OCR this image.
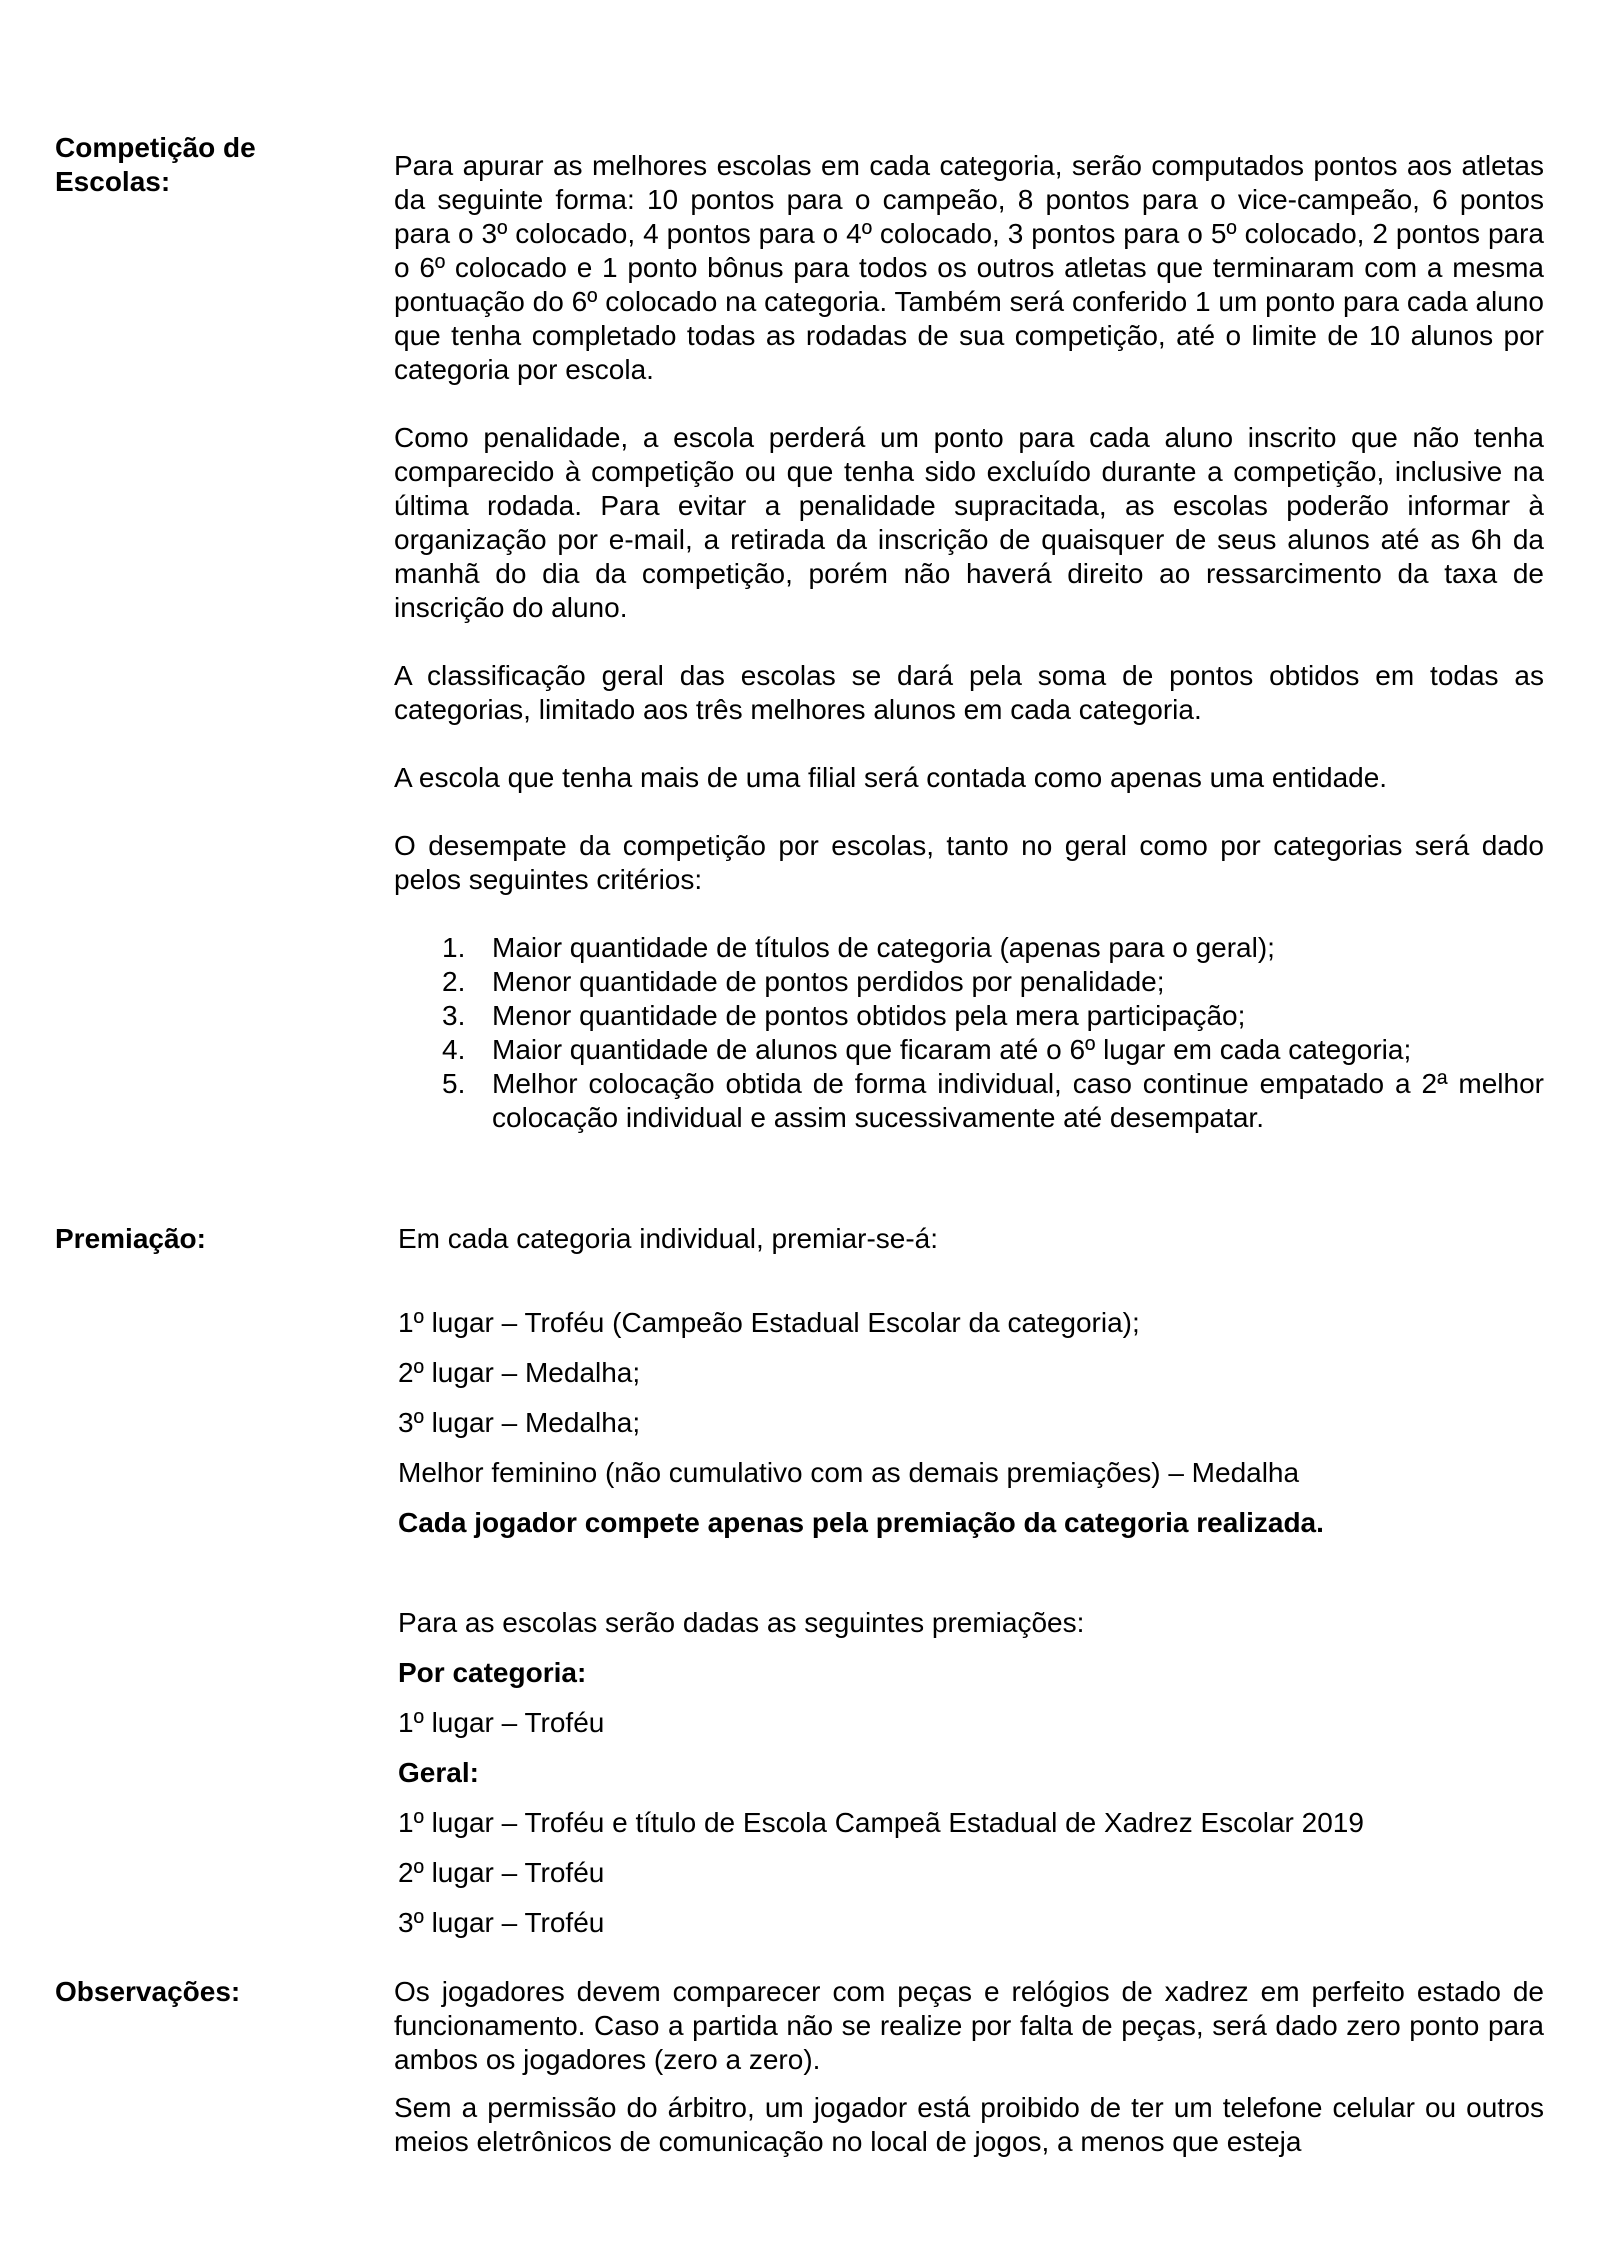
Competição de Escolas:

Para apurar as melhores escolas em cada categoria, serão computados pontos aos atletas da seguinte forma: 10 pontos para o campeão, 8 pontos para o vice-campeão, 6 pontos para o 3º colocado, 4 pontos para o 4º colocado, 3 pontos para o 5º colocado, 2 pontos para o 6º colocado e 1 ponto bônus para todos os outros atletas que terminaram com a mesma pontuação do 6º colocado na categoria. Também será conferido 1 um ponto para cada aluno que tenha completado todas as rodadas de sua competição, até o limite de 10 alunos por categoria por escola.

Como penalidade, a escola perderá um ponto para cada aluno inscrito que não tenha comparecido à competição ou que tenha sido excluído durante a competição, inclusive na última rodada. Para evitar a penalidade supracitada, as escolas poderão informar à organização por e-mail, a retirada da inscrição de quaisquer de seus alunos até as 6h da manhã do dia da competição, porém não haverá direito ao ressarcimento da taxa de inscrição do aluno.

A classificação geral das escolas se dará pela soma de pontos obtidos em todas as categorias, limitado aos três melhores alunos em cada categoria.

A escola que tenha mais de uma filial será contada como apenas uma entidade.

O desempate da competição por escolas, tanto no geral como por categorias será dado pelos seguintes critérios:

1. Maior quantidade de títulos de categoria (apenas para o geral);
2. Menor quantidade de pontos perdidos por penalidade;
3. Menor quantidade de pontos obtidos pela mera participação;
4. Maior quantidade de alunos que ficaram até o 6º lugar em cada categoria;
5. Melhor colocação obtida de forma individual, caso continue empatado a 2ª melhor colocação individual e assim sucessivamente até desempatar.
Premiação:	Em cada categoria individual, premiar-se-á:

1º lugar – Troféu (Campeão Estadual Escolar da categoria);

2º lugar – Medalha;

3º lugar – Medalha;

Melhor feminino (não cumulativo com as demais premiações) – Medalha

Cada jogador compete apenas pela premiação da categoria realizada.

Para as escolas serão dadas as seguintes premiações:

Por categoria:

1º lugar – Troféu

Geral:

1º lugar – Troféu e título de Escola Campeã Estadual de Xadrez Escolar 2019

2º lugar – Troféu

3º lugar – Troféu

Observações:	Os jogadores devem comparecer com peças e relógios de xadrez em perfeito estado de funcionamento. Caso a partida não se realize por falta de peças, será dado zero ponto para ambos os jogadores (zero a zero).

Sem a permissão do árbitro, um jogador está proibido de ter um telefone celular ou outros meios eletrônicos de comunicação no local de jogos, a menos que esteja
